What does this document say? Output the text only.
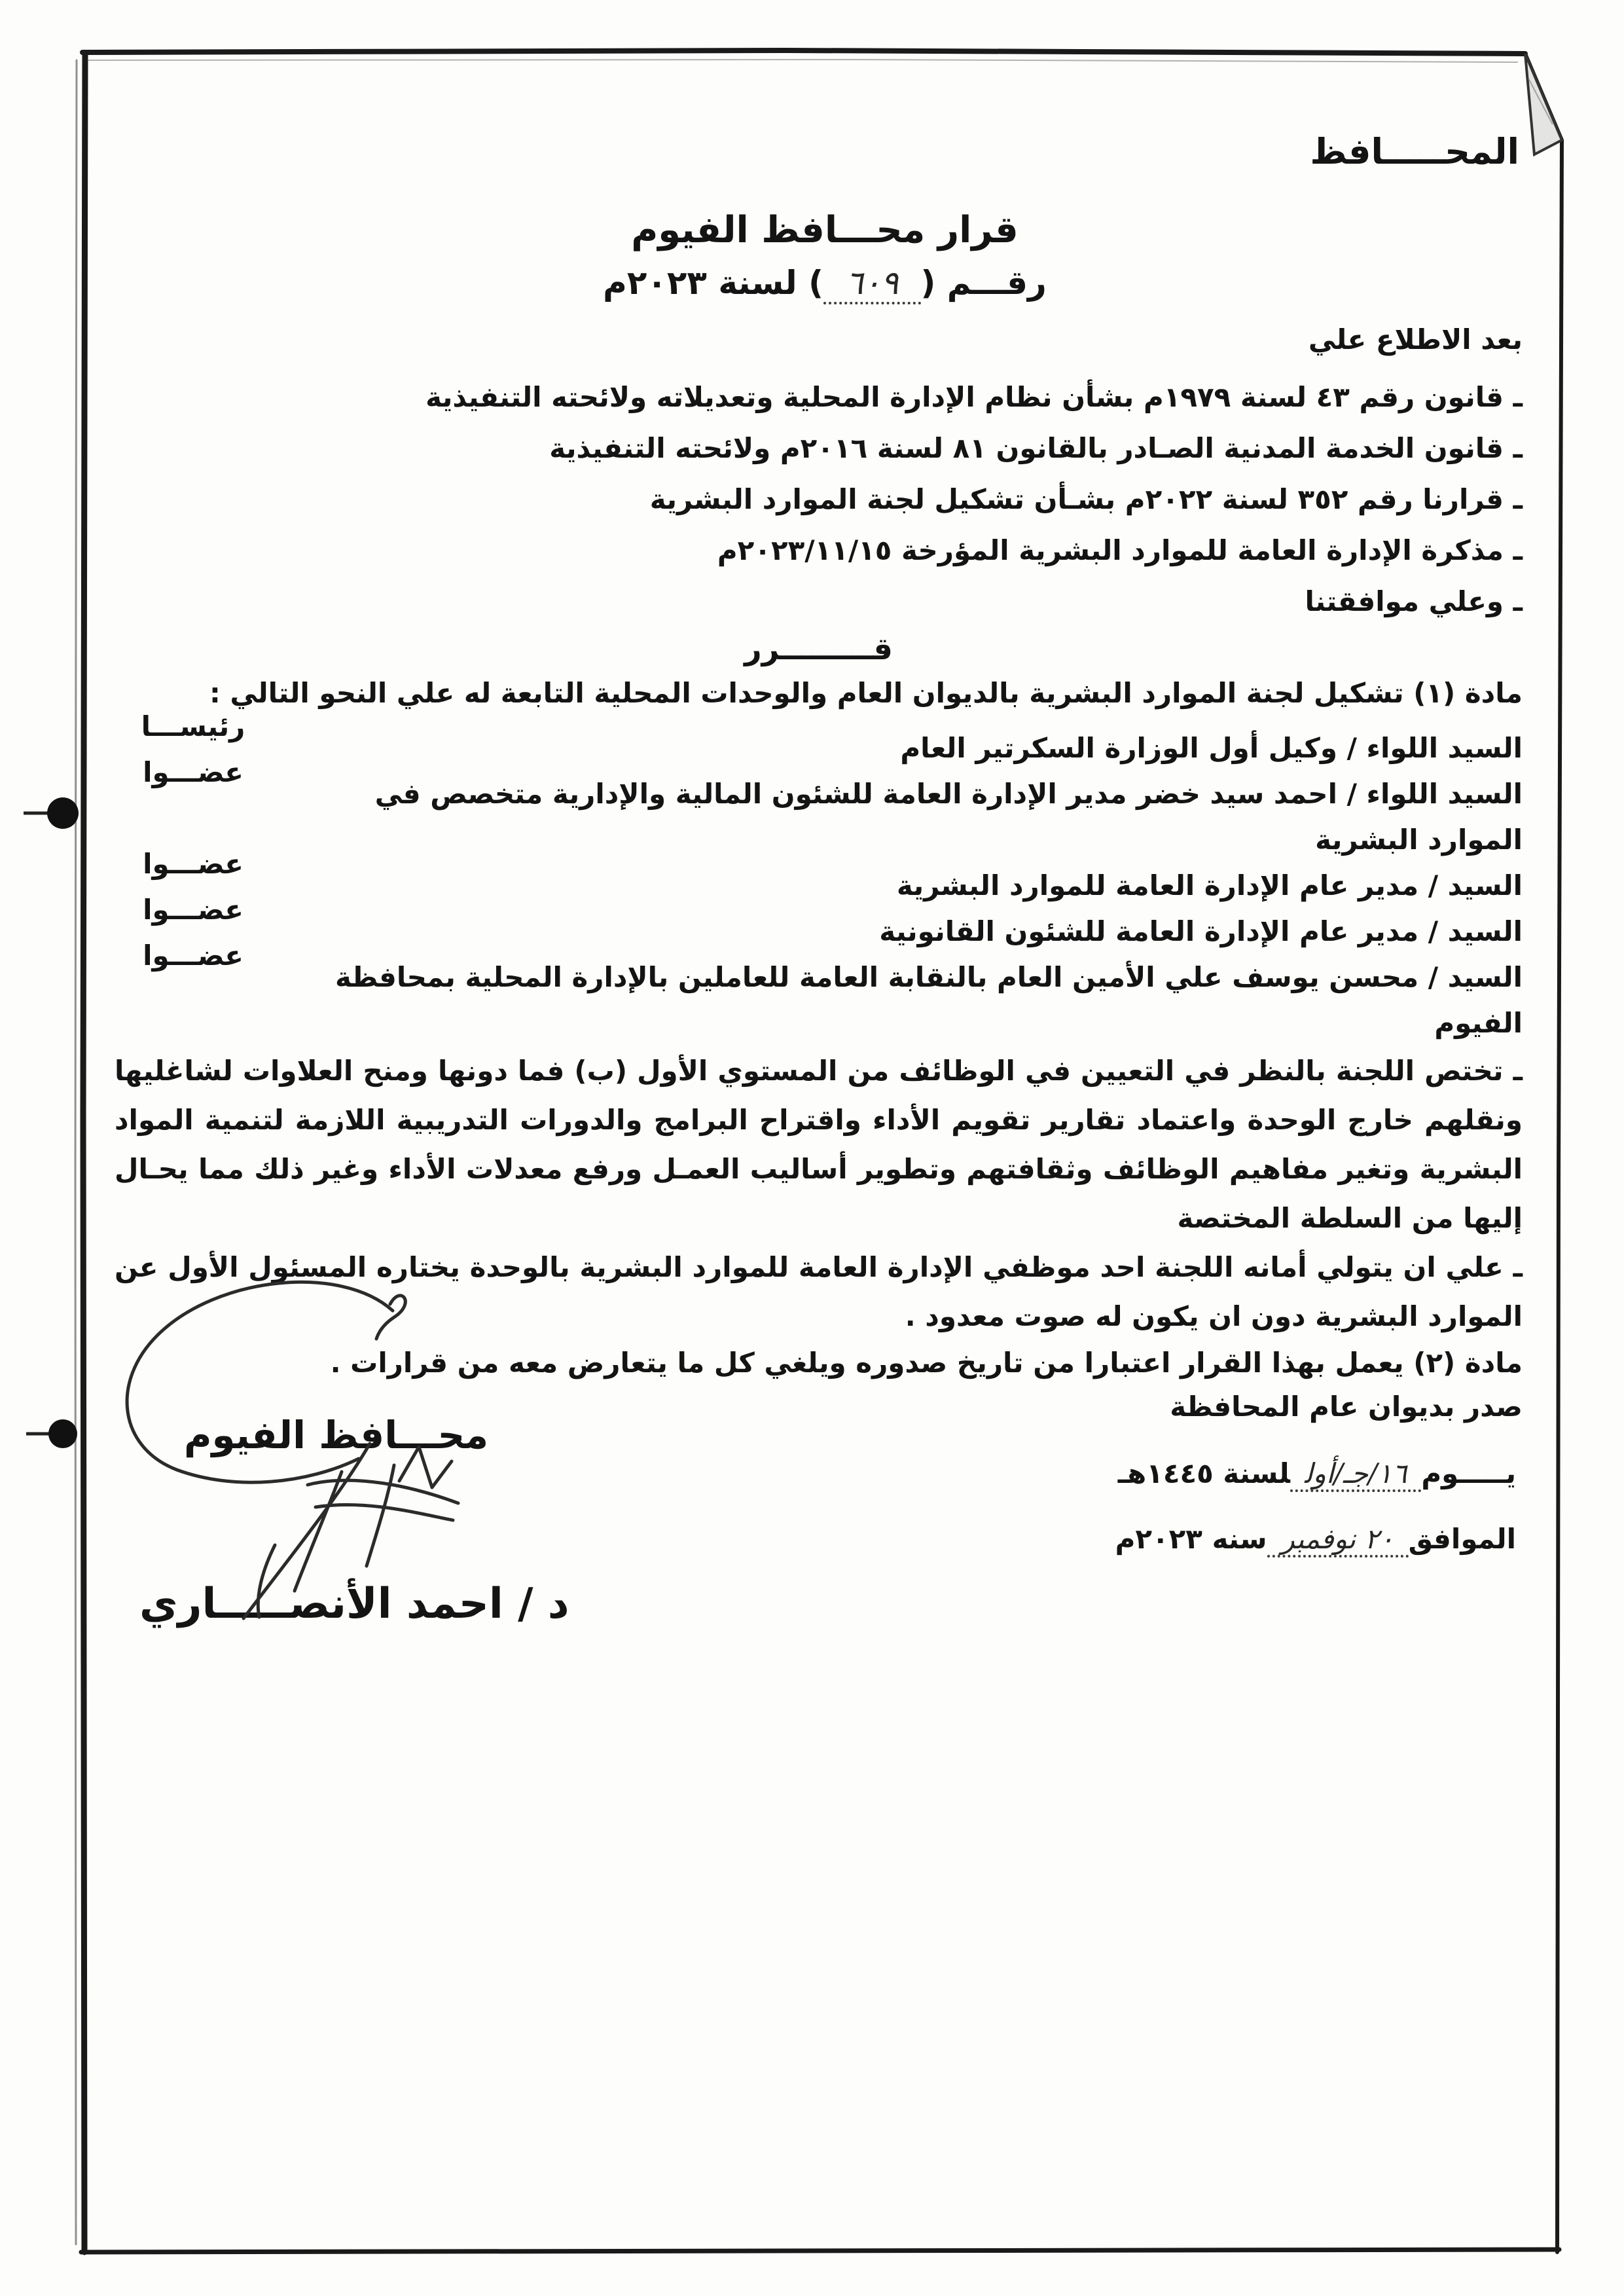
المحـــــافظ
قرار محـــافظ الفيوم
رقـــم (٦٠٩) لسنة ٢٠٢٣م
بعد الاطلاع علي
ـ قانون رقم ٤٣ لسنة ١٩٧٩م بشأن نظام الإدارة المحلية وتعديلاته ولائحته التنفيذية
ـ قانون الخدمة المدنية الصـادر بالقانون ٨١ لسنة ٢٠١٦م ولائحته التنفيذية
ـ قرارنا رقم ٣٥٢ لسنة ٢٠٢٢م بشـأن تشكيل لجنة الموارد البشرية
ـ مذكرة الإدارة العامة للموارد البشرية المؤرخة ٢٠٢٣/١١/١٥م
ـ وعلي موافقتنا
قـــــــــرر
مادة (١) تشكيل لجنة الموارد البشرية بالديوان العام والوحدات المحلية التابعة له علي النحو التالي :
السيد اللواء / وكيل أول الوزارة السكرتير العام
رئيســـا
السيد اللواء / احمد سيد خضر مدير الإدارة العامة للشئون المالية والإدارية متخصص في الموارد البشرية
عضـــوا
السيد / مدير عام الإدارة العامة للموارد البشرية
عضـــوا
السيد / مدير عام الإدارة العامة للشئون القانونية
عضـــوا
السيد / محسن يوسف علي الأمين العام بالنقابة العامة للعاملين بالإدارة المحلية بمحافظة الفيوم
عضـــوا
ـ تختص اللجنة بالنظر في التعيين في الوظائف من المستوي الأول (ب) فما دونها ومنح العلاوات لشاغليها ونقلهم خارج الوحدة واعتماد تقارير تقويم الأداء واقتراح البرامج والدورات التدريبية اللازمة لتنمية المواد البشرية وتغير مفاهيم الوظائف وثقافتهم وتطوير أساليب العمـل ورفع معدلات الأداء وغير ذلك مما يحـال إليها من السلطة المختصة
ـ علي ان يتولي أمانه اللجنة احد موظفي الإدارة العامة للموارد البشرية بالوحدة يختاره المسئول الأول عن الموارد البشرية دون ان يكون له صوت معدود .
مادة (٢) يعمل بهذا القرار اعتبارا من تاريخ صدوره ويلغي كل ما يتعارض معه من قرارات .
صدر بديوان عام المحافظة
يـــــوم١٦/جـ/أوللسنة ١٤٤٥هـ
الموافق٢٠ نوفمبرسنه ٢٠٢٣م
محـــافظ الفيوم
د / احمد الأنصـــــاري
